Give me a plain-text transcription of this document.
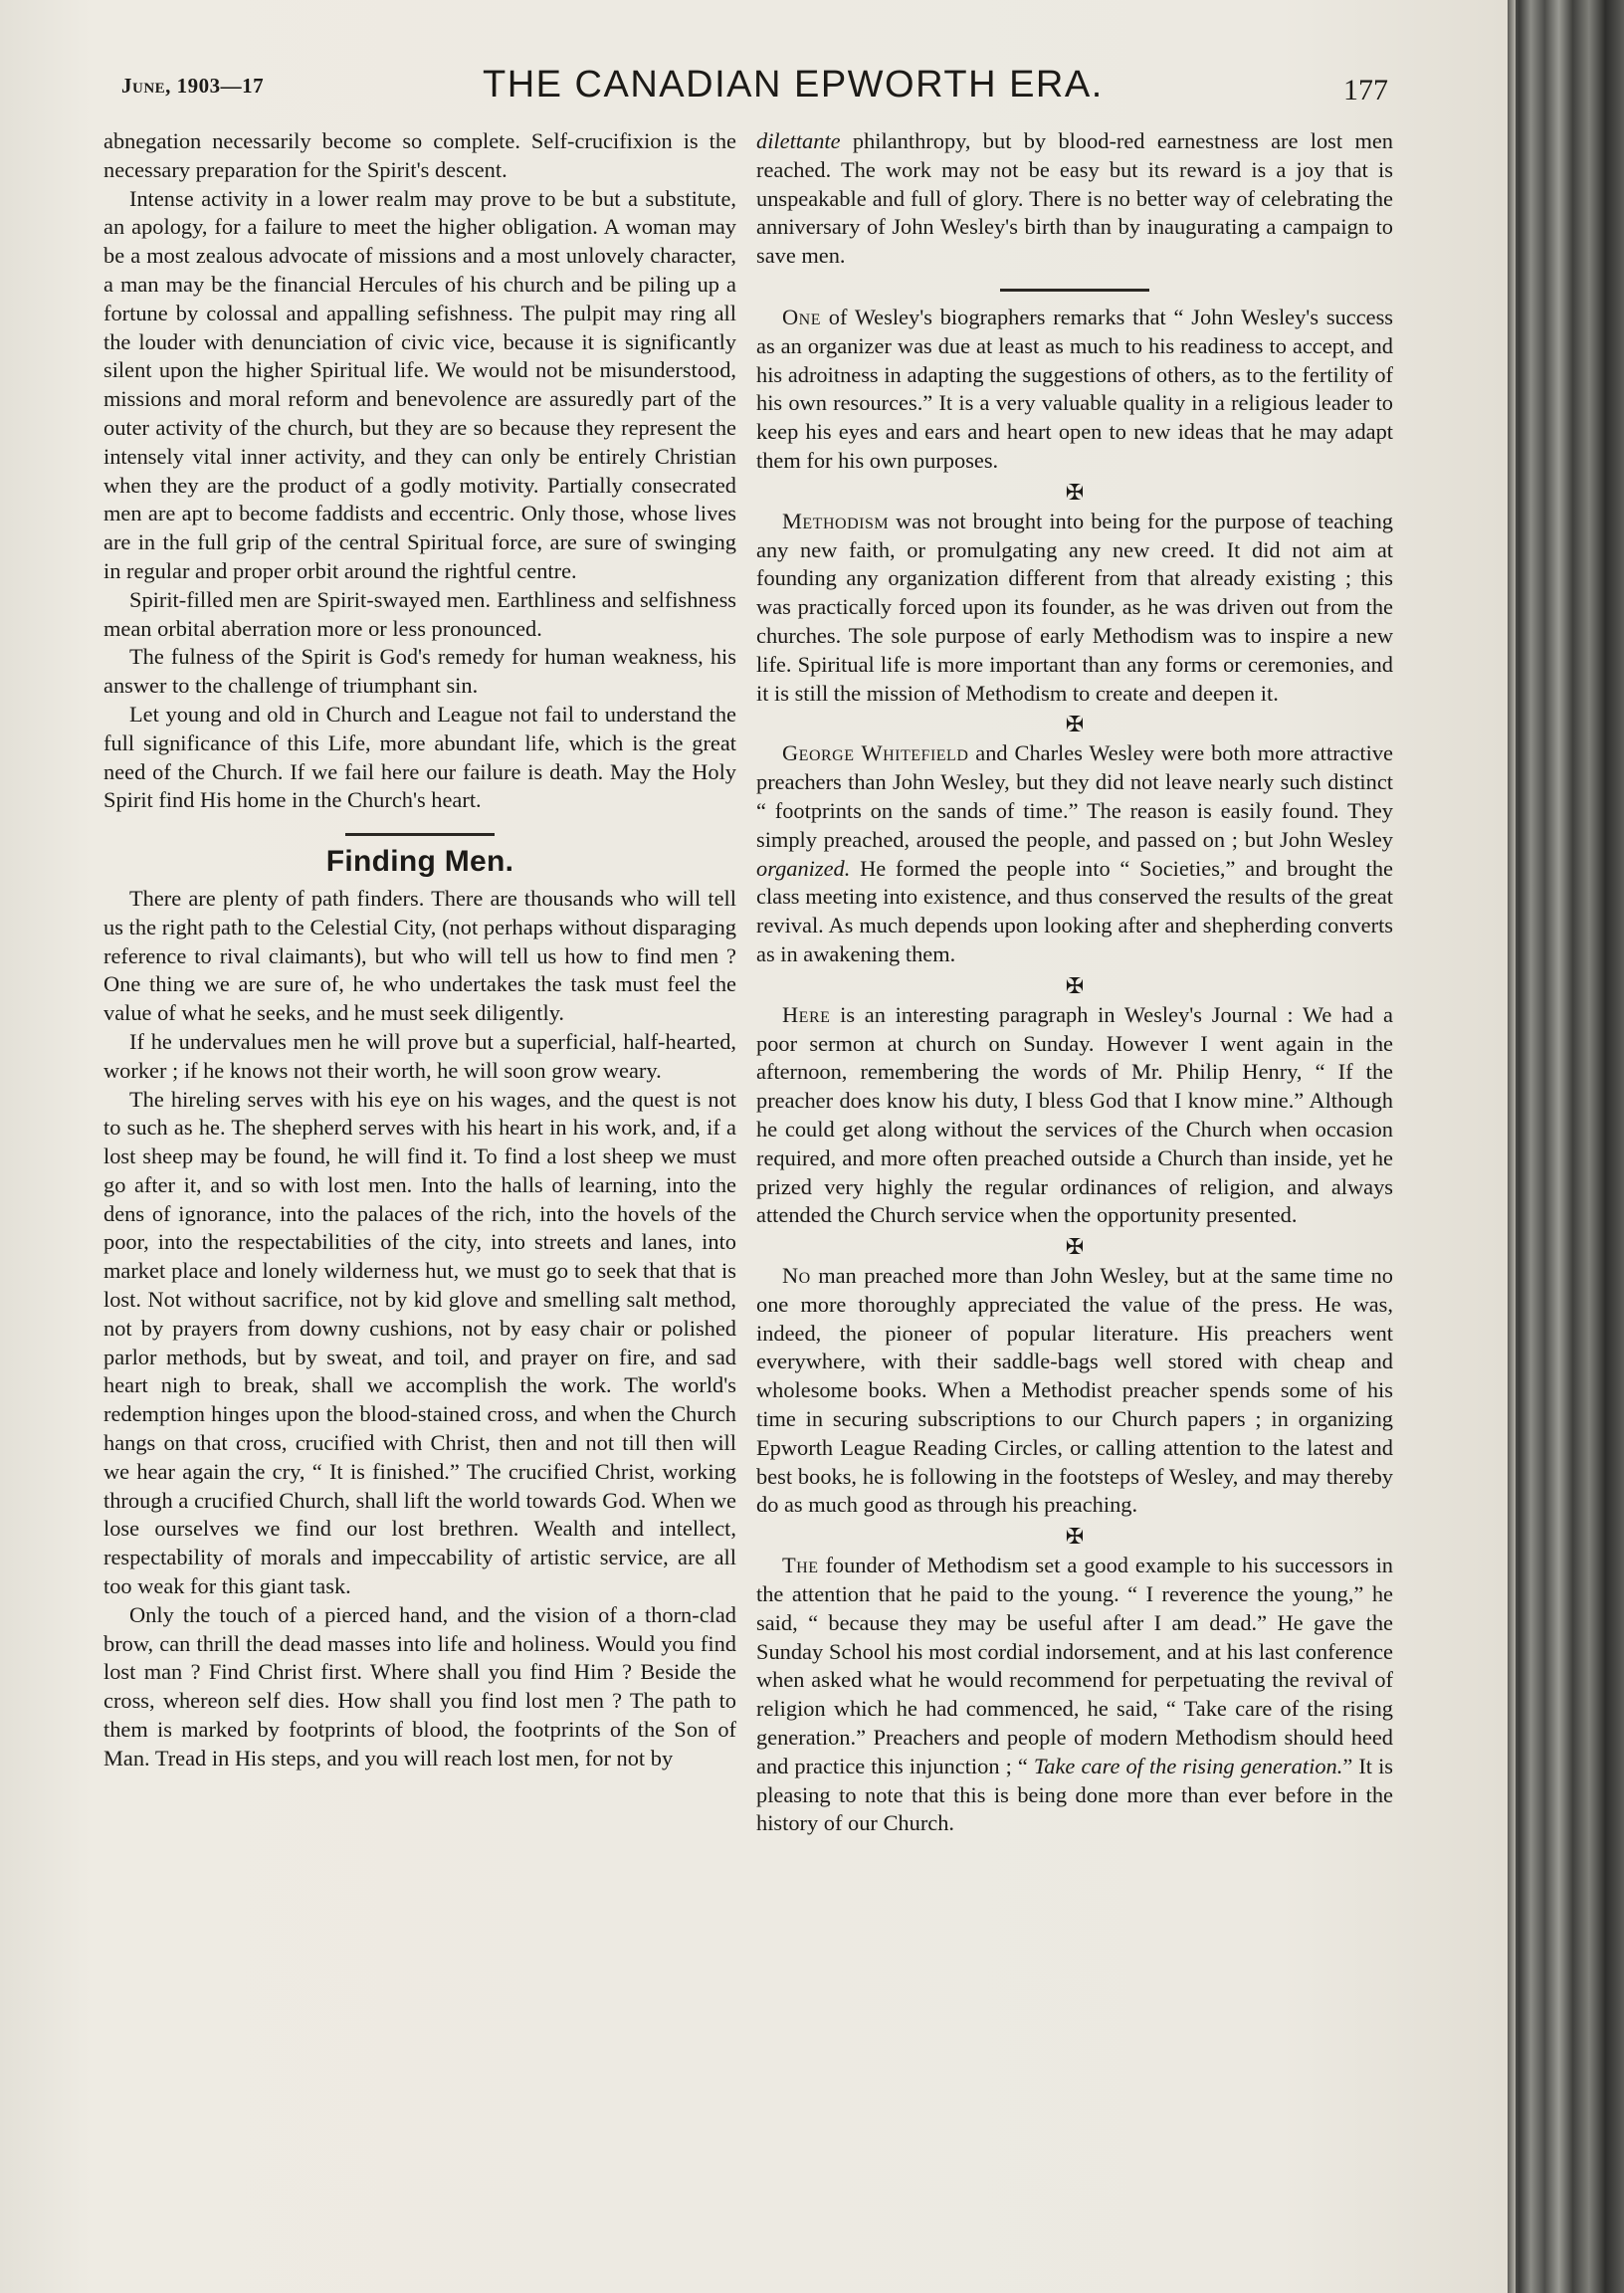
June, 1903—17	THE CANADIAN EPWORTH ERA.	177

abnegation necessarily become so complete. Self-crucifixion is the necessary preparation for the Spirit's descent.

Intense activity in a lower realm may prove to be but a substitute, an apology, for a failure to meet the higher obligation. A woman may be a most zealous advocate of missions and a most unlovely character, a man may be the financial Hercules of his church and be piling up a fortune by colossal and appalling sefishness. The pulpit may ring all the louder with denunciation of civic vice, because it is significantly silent upon the higher Spiritual life. We would not be misunderstood, missions and moral reform and benevolence are assuredly part of the outer activity of the church, but they are so because they represent the intensely vital inner activity, and they can only be entirely Christian when they are the product of a godly motivity. Partially consecrated men are apt to become faddists and eccentric. Only those, whose lives are in the full grip of the central Spiritual force, are sure of swinging in regular and proper orbit around the rightful centre.

Spirit-filled men are Spirit-swayed men. Earthliness and selfishness mean orbital aberration more or less pronounced.

The fulness of the Spirit is God's remedy for human weakness, his answer to the challenge of triumphant sin.

Let young and old in Church and League not fail to understand the full significance of this Life, more abundant life, which is the great need of the Church. If we fail here our failure is death. May the Holy Spirit find His home in the Church's heart.

Finding Men.

There are plenty of path finders. There are thousands who will tell us the right path to the Celestial City, (not perhaps without disparaging reference to rival claimants), but who will tell us how to find men ? One thing we are sure of, he who undertakes the task must feel the value of what he seeks, and he must seek diligently.

If he undervalues men he will prove but a superficial, half-hearted, worker ; if he knows not their worth, he will soon grow weary.

The hireling serves with his eye on his wages, and the quest is not to such as he. The shepherd serves with his heart in his work, and, if a lost sheep may be found, he will find it. To find a lost sheep we must go after it, and so with lost men. Into the halls of learning, into the dens of ignorance, into the palaces of the rich, into the hovels of the poor, into the respectabilities of the city, into streets and lanes, into market place and lonely wilderness hut, we must go to seek that that is lost. Not without sacrifice, not by kid glove and smelling salt method, not by prayers from downy cushions, not by easy chair or polished parlor methods, but by sweat, and toil, and prayer on fire, and sad heart nigh to break, shall we accomplish the work. The world's redemption hinges upon the blood-stained cross, and when the Church hangs on that cross, crucified with Christ, then and not till then will we hear again the cry, “ It is finished.” The crucified Christ, working through a crucified Church, shall lift the world towards God. When we lose ourselves we find our lost brethren. Wealth and intellect, respectability of morals and impeccability of artistic service, are all too weak for this giant task.

Only the touch of a pierced hand, and the vision of a thorn-clad brow, can thrill the dead masses into life and holiness. Would you find lost man ? Find Christ first. Where shall you find Him ? Beside the cross, whereon self dies. How shall you find lost men ? The path to them is marked by footprints of blood, the footprints of the Son of Man. Tread in His steps, and you will reach lost men, for not by

dilettante philanthropy, but by blood-red earnestness are lost men reached. The work may not be easy but its reward is a joy that is unspeakable and full of glory. There is no better way of celebrating the anniversary of John Wesley's birth than by inaugurating a campaign to save men.

One of Wesley's biographers remarks that “ John Wesley's success as an organizer was due at least as much to his readiness to accept, and his adroitness in adapting the suggestions of others, as to the fertility of his own resources.” It is a very valuable quality in a religious leader to keep his eyes and ears and heart open to new ideas that he may adapt them for his own purposes.

✠

Methodism was not brought into being for the purpose of teaching any new faith, or promulgating any new creed. It did not aim at founding any organization different from that already existing ; this was practically forced upon its founder, as he was driven out from the churches. The sole purpose of early Methodism was to inspire a new life. Spiritual life is more important than any forms or ceremonies, and it is still the mission of Methodism to create and deepen it.

✠

George Whitefield and Charles Wesley were both more attractive preachers than John Wesley, but they did not leave nearly such distinct “ footprints on the sands of time.” The reason is easily found. They simply preached, aroused the people, and passed on ; but John Wesley organized. He formed the people into “ Societies,” and brought the class meeting into existence, and thus conserved the results of the great revival. As much depends upon looking after and shepherding converts as in awakening them.

✠

Here is an interesting paragraph in Wesley's Journal : We had a poor sermon at church on Sunday. However I went again in the afternoon, remembering the words of Mr. Philip Henry, “ If the preacher does know his duty, I bless God that I know mine.” Although he could get along without the services of the Church when occasion required, and more often preached outside a Church than inside, yet he prized very highly the regular ordinances of religion, and always attended the Church service when the opportunity presented.

✠

No man preached more than John Wesley, but at the same time no one more thoroughly appreciated the value of the press. He was, indeed, the pioneer of popular literature. His preachers went everywhere, with their saddle-bags well stored with cheap and wholesome books. When a Methodist preacher spends some of his time in securing subscriptions to our Church papers ; in organizing Epworth League Reading Circles, or calling attention to the latest and best books, he is following in the footsteps of Wesley, and may thereby do as much good as through his preaching.

✠

The founder of Methodism set a good example to his successors in the attention that he paid to the young. “ I reverence the young,” he said, “ because they may be useful after I am dead.” He gave the Sunday School his most cordial indorsement, and at his last conference when asked what he would recommend for perpetuating the revival of religion which he had commenced, he said, “ Take care of the rising generation.” Preachers and people of modern Methodism should heed and practice this injunction ; “ Take care of the rising generation.” It is pleasing to note that this is being done more than ever before in the history of our Church.
